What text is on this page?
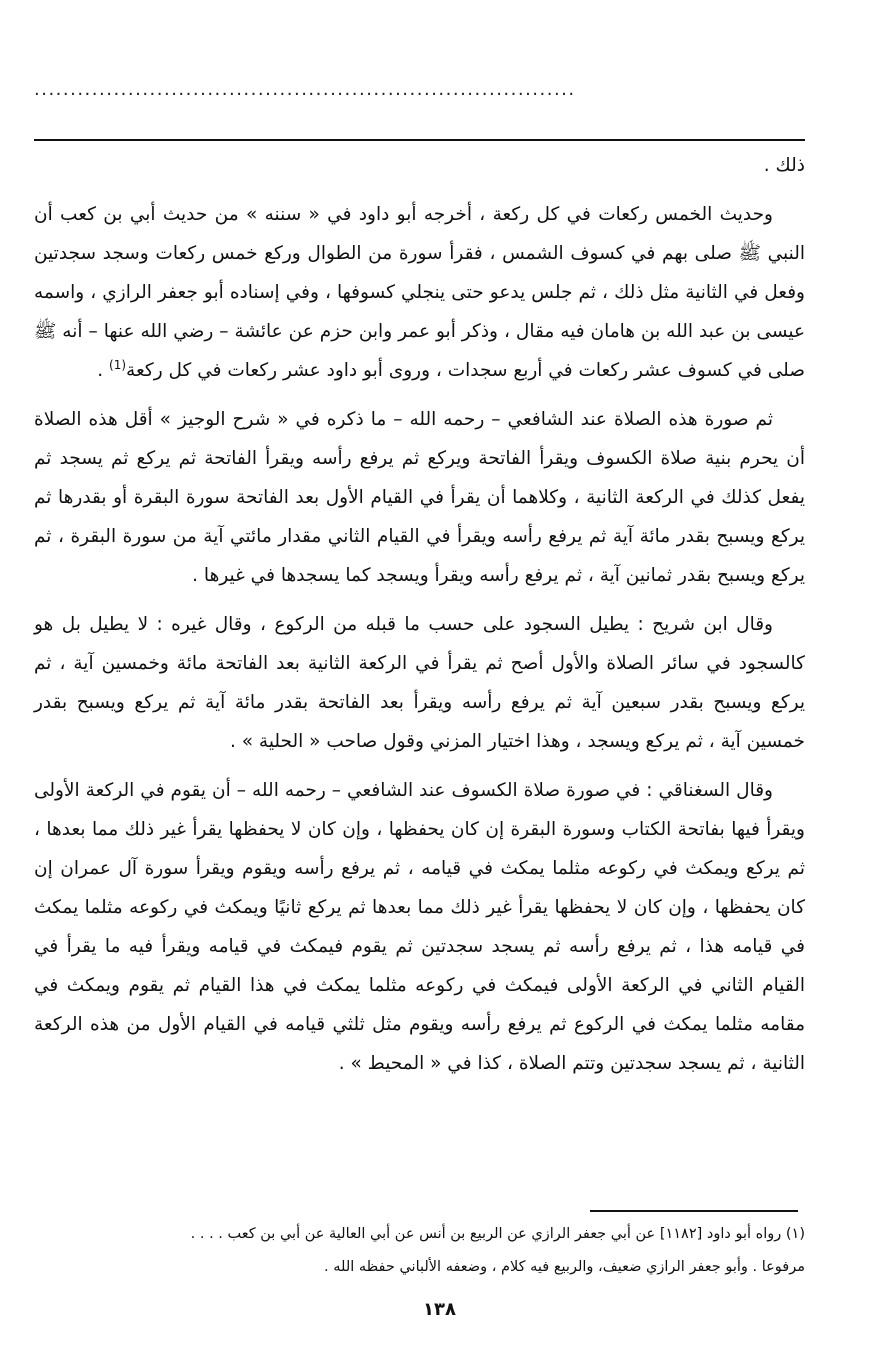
...........................................................................

ذلك .

وحديث الخمس ركعات في كل ركعة ، أخرجه أبو داود في « سننه » من حديث أبي بن كعب أن النبي ﷺ صلى بهم في كسوف الشمس ، فقرأ سورة من الطوال وركع خمس ركعات وسجد سجدتين وفعل في الثانية مثل ذلك ، ثم جلس يدعو حتى ينجلي كسوفها ، وفي إسناده أبو جعفر الرازي ، واسمه عيسى بن عبد الله بن هامان فيه مقال ، وذكر أبو عمر وابن حزم عن عائشة – رضي الله عنها – أنه ﷺ صلى في كسوف عشر ركعات في أربع سجدات ، وروى أبو داود عشر ركعات في كل ركعة$^{(1)}$ .

ثم صورة هذه الصلاة عند الشافعي – رحمه الله – ما ذكره في « شرح الوجيز » أقل هذه الصلاة أن يحرم بنية صلاة الكسوف ويقرأ الفاتحة ويركع ثم يرفع رأسه ويقرأ الفاتحة ثم يركع ثم يسجد ثم يفعل كذلك في الركعة الثانية ، وكلاهما أن يقرأ في القيام الأول بعد الفاتحة سورة البقرة أو بقدرها ثم يركع ويسبح بقدر مائة آية ثم يرفع رأسه ويقرأ في القيام الثاني مقدار مائتي آية من سورة البقرة ، ثم يركع ويسبح بقدر ثمانين آية ، ثم يرفع رأسه ويقرأ ويسجد كما يسجدها في غيرها .

وقال ابن شريح : يطيل السجود على حسب ما قبله من الركوع ، وقال غيره : لا يطيل بل هو كالسجود في سائر الصلاة والأول أصح ثم يقرأ في الركعة الثانية بعد الفاتحة مائة وخمسين آية ، ثم يركع ويسبح بقدر سبعين آية ثم يرفع رأسه ويقرأ بعد الفاتحة بقدر مائة آية ثم يركع ويسبح بقدر خمسين آية ، ثم يركع ويسجد ، وهذا اختيار المزني وقول صاحب « الحلية » .

وقال السغناقي : في صورة صلاة الكسوف عند الشافعي – رحمه الله – أن يقوم في الركعة الأولى ويقرأ فيها بفاتحة الكتاب وسورة البقرة إن كان يحفظها ، وإن كان لا يحفظها يقرأ غير ذلك مما بعدها ، ثم يركع ويمكث في ركوعه مثلما يمكث في قيامه ، ثم يرفع رأسه ويقوم ويقرأ سورة آل عمران إن كان يحفظها ، وإن كان لا يحفظها يقرأ غير ذلك مما بعدها ثم يركع ثانيًا ويمكث في ركوعه مثلما يمكث في قيامه هذا ، ثم يرفع رأسه ثم يسجد سجدتين ثم يقوم فيمكث في قيامه ويقرأ فيه ما يقرأ في القيام الثاني في الركعة الأولى فيمكث في ركوعه مثلما يمكث في هذا القيام ثم يقوم ويمكث في مقامه مثلما يمكث في الركوع ثم يرفع رأسه ويقوم مثل ثلثي قيامه في القيام الأول من هذه الركعة الثانية ، ثم يسجد سجدتين وتتم الصلاة ، كذا في « المحيط » .

(١) رواه أبو داود [١١٨٢] عن أبي جعفر الرازي عن الربيع بن أنس عن أبي العالية عن أبي بن كعب . . . .

مرفوعا . وأبو جعفر الرازي ضعيف، والربيع فيه كلام ، وضعفه الألباني حفظه الله .

١٣٨
